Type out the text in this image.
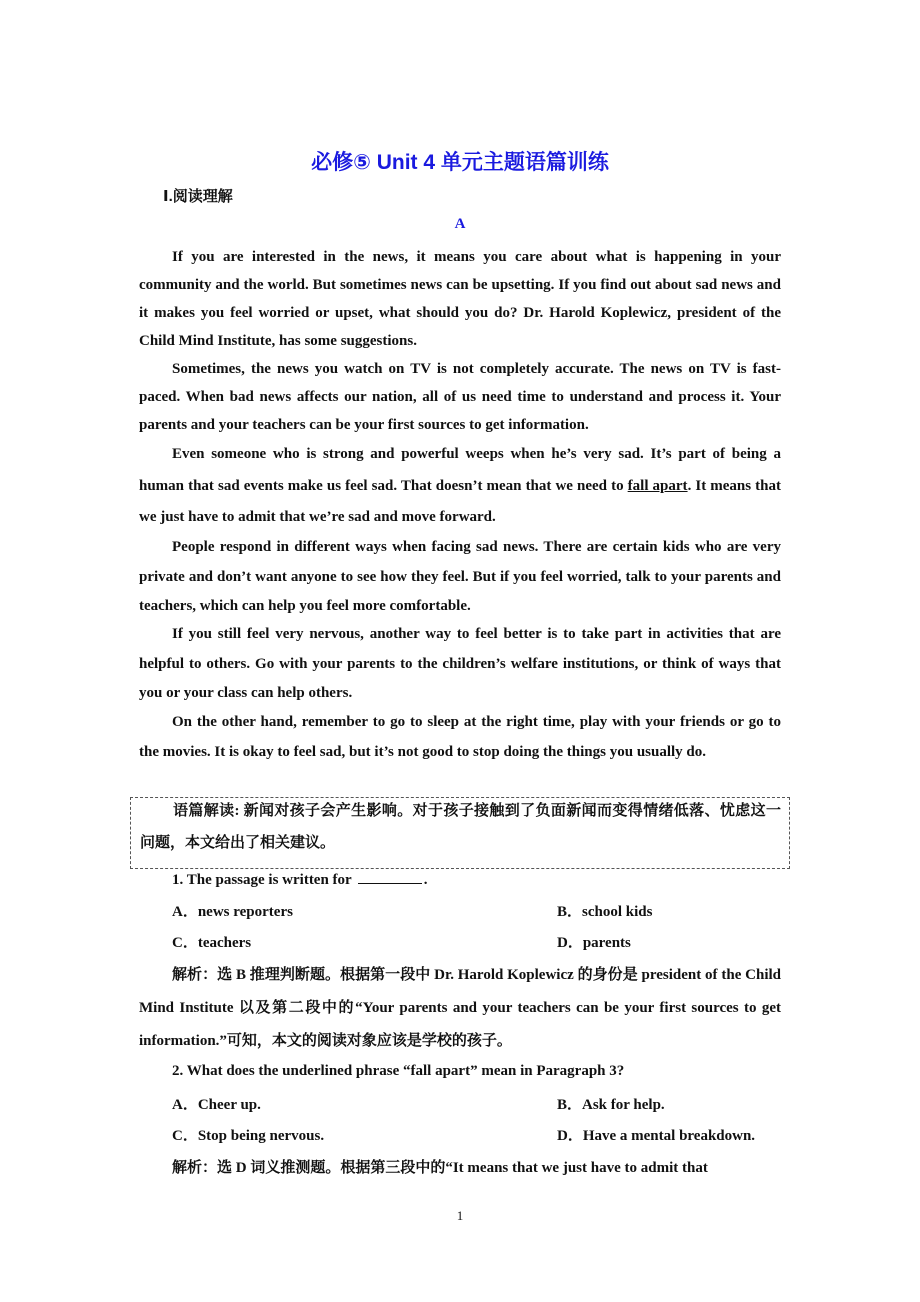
必修⑤ Unit 4 单元主题语篇训练
Ⅰ.阅读理解
A

If you are interested in the news, it means you care about what is happening in your community and the world. But sometimes news can be upsetting. If you find out about sad news and it makes you feel worried or upset, what should you do? Dr. Harold Koplewicz, president of the Child Mind Institute, has some suggestions.

Sometimes, the news you watch on TV is not completely accurate. The news on TV is fast-paced. When bad news affects our nation, all of us need time to understand and process it. Your parents and your teachers can be your first sources to get information.

Even someone who is strong and powerful weeps when he’s very sad. It’s part of being a human that sad events make us feel sad. That doesn’t mean that we need to fall apart. It means that we just have to admit that we’re sad and move forward.

People respond in different ways when facing sad news. There are certain kids who are very private and don’t want anyone to see how they feel. But if you feel worried, talk to your parents and teachers, which can help you feel more comfortable.

If you still feel very nervous, another way to feel better is to take part in activities that are helpful to others. Go with your parents to the children’s welfare institutions, or think of ways that you or your class can help others.

On the other hand, remember to go to sleep at the right time, play with your friends or go to the movies. It is okay to feel sad, but it’s not good to stop doing the things you usually do.

语篇解读: 新闻对孩子会产生影响。对于孩子接触到了负面新闻而变得情绪低落、忧虑这一问题，本文给出了相关建议。

1. The passage is written for	.
A．news reporters	B．school kids
C．teachers	D．parents

解析：选 B 推理判断题。根据第一段中 Dr. Harold Koplewicz 的身份是 president of the Child Mind Institute 以及第二段中的“Your parents and your teachers can be your first sources to get information.”可知，本文的阅读对象应该是学校的孩子。

2. What does the underlined phrase “fall apart” mean in Paragraph 3?
A．Cheer up.	B．Ask for help.
C．Stop being nervous.	D．Have a mental breakdown.

解析：选 D 词义推测题。根据第三段中的“It means that we just have to admit that

1
